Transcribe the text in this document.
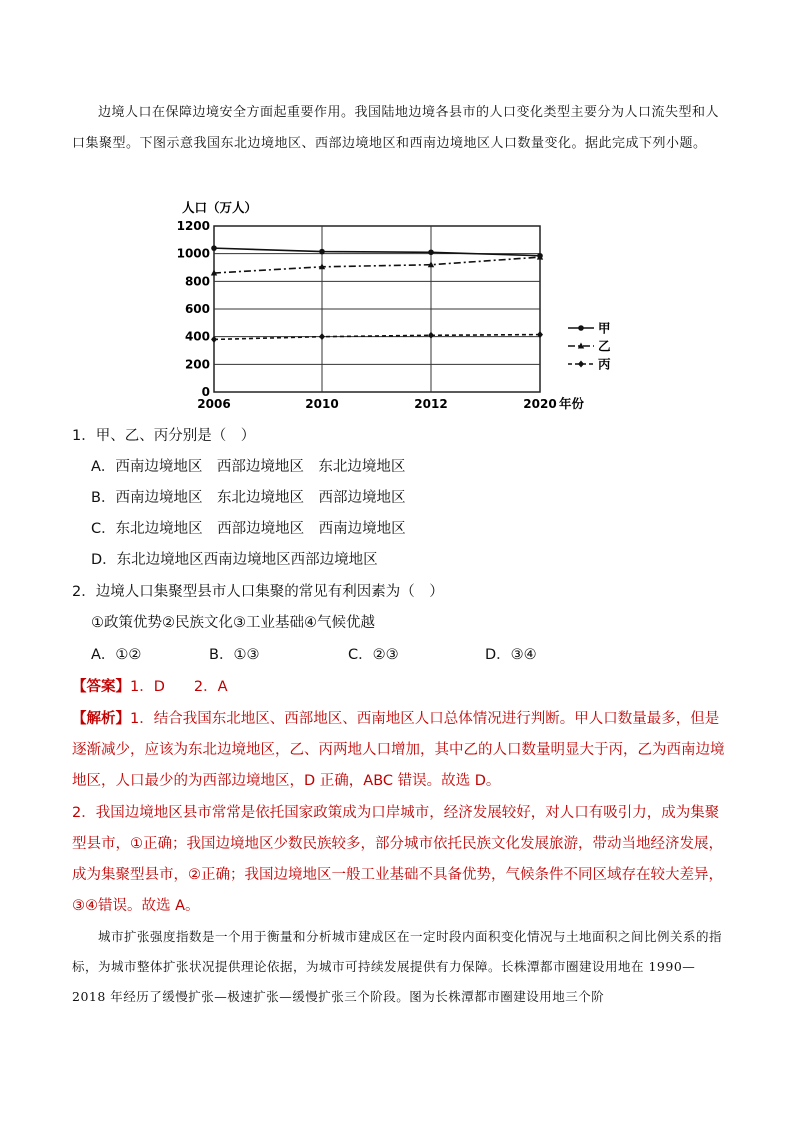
边境人口在保障边境安全方面起重要作用。我国陆地边境各县市的人口变化类型主要分为人口流失型和人口集聚型。下图示意我国东北边境地区、西部边境地区和西南边境地区人口数量变化。据此完成下列小题。
人口（万人）
年份
0
200
400
600
800
1000
1200
2006	2010	2012	2020
甲
乙
丙
1．甲、乙、丙分别是（　）
A．西南边境地区　西部边境地区　东北边境地区
B．西南边境地区　东北边境地区　西部边境地区
C．东北边境地区　西部边境地区　西南边境地区
D．东北边境地区西南边境地区西部边境地区
2．边境人口集聚型县市人口集聚的常见有利因素为（　）
①政策优势②民族文化③工业基础④气候优越
A．①②	B．①③	C．②③	D．③④
【答案】1．D　　2．A
【解析】1．结合我国东北地区、西部地区、西南地区人口总体情况进行判断。甲人口数量最多，但是逐渐减少，应该为东北边境地区，乙、丙两地人口增加，其中乙的人口数量明显大于丙，乙为西南边境地区，人口最少的为西部边境地区，D 正确，ABC 错误。故选 D。
2．我国边境地区县市常常是依托国家政策成为口岸城市，经济发展较好，对人口有吸引力，成为集聚型县市，①正确；我国边境地区少数民族较多，部分城市依托民族文化发展旅游，带动当地经济发展，成为集聚型县市，②正确；我国边境地区一般工业基础不具备优势，气候条件不同区域存在较大差异，③④错误。故选 A。
城市扩张强度指数是一个用于衡量和分析城市建成区在一定时段内面积变化情况与土地面积之间比例关系的指标，为城市整体扩张状况提供理论依据，为城市可持续发展提供有力保障。长株潭都市圈建设用地在 1990—2018 年经历了缓慢扩张—极速扩张—缓慢扩张三个阶段。图为长株潭都市圈建设用地三个阶
